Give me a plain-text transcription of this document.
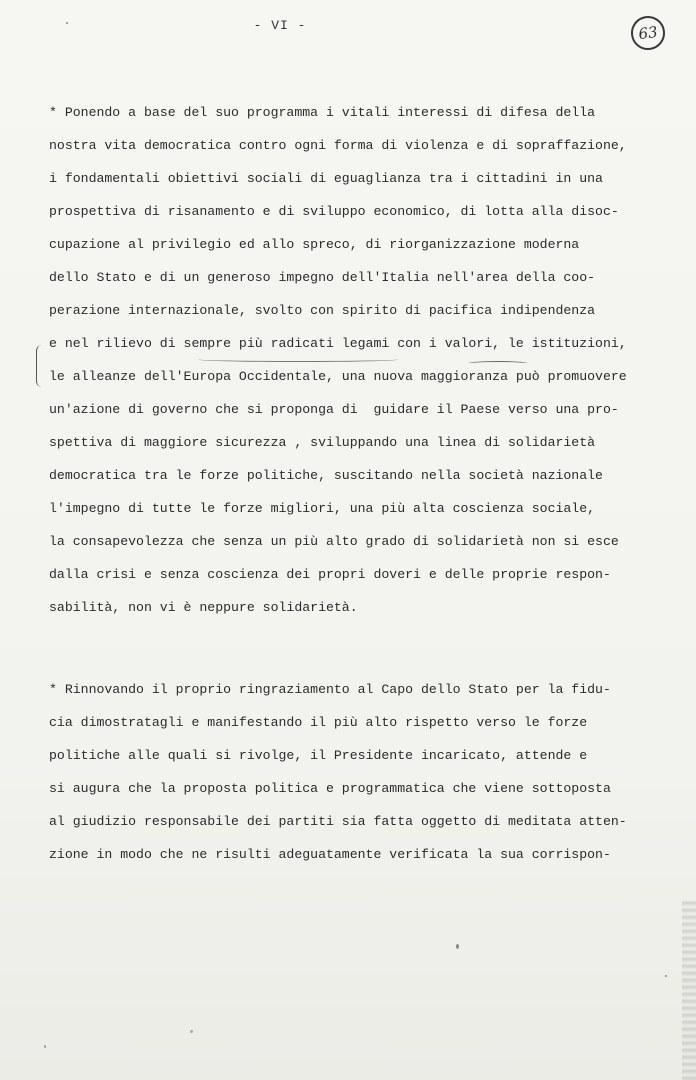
- VI -	63
* Ponendo a base del suo programma i vitali interessi di difesa della
nostra vita democratica contro ogni forma di violenza e di sopraffazione,
i fondamentali obiettivi sociali di eguaglianza tra i cittadini in una
prospettiva di risanamento e di sviluppo economico, di lotta alla disoc-
cupazione al privilegio ed allo spreco, di riorganizzazione moderna
dello Stato e di un generoso impegno dell'Italia nell'area della coo-
perazione internazionale, svolto con spirito di pacifica indipendenza
e nel rilievo di sempre più radicati legami con i valori, le istituzioni,
le alleanze dell'Europa Occidentale, una nuova maggioranza può promuovere
un'azione di governo che si proponga di  guidare il Paese verso una pro-
spettiva di maggiore sicurezza , sviluppando una linea di solidarietà
democratica tra le forze politiche, suscitando nella società nazionale
l'impegno di tutte le forze migliori, una più alta coscienza sociale,
la consapevolezza che senza un più alto grado di solidarietà non si esce
dalla crisi e senza coscienza dei propri doveri e delle proprie respon-
sabilità, non vi è neppure solidarietà.
* Rinnovando il proprio ringraziamento al Capo dello Stato per la fidu-
cia dimostratagli e manifestando il più alto rispetto verso le forze
politiche alle quali si rivolge, il Presidente incaricato, attende e
si augura che la proposta politica e programmatica che viene sottoposta
al giudizio responsabile dei partiti sia fatta oggetto di meditata atten-
zione in modo che ne risulti adeguatamente verificata la sua corrispon-
